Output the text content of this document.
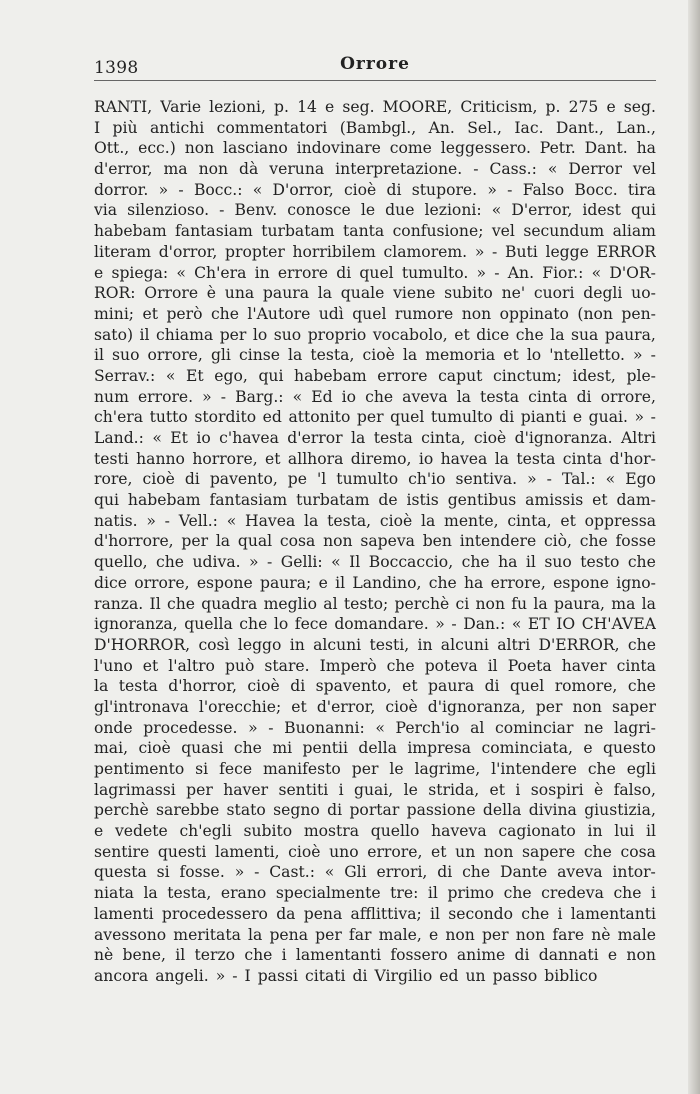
1398	Orrore
RANTI, Varie lezioni, p. 14 e seg. MOORE, Criticism, p. 275 e seg.
I più antichi commentatori (Bambgl., An. Sel., Iac. Dant., Lan.,
Ott., ecc.) non lasciano indovinare come leggessero. Petr. Dant. ha
d'error, ma non dà veruna interpretazione. - Cass.: « Derror vel
dorror. » - Bocc.: « D'orror, cioè di stupore. » - Falso Bocc. tira
via silenzioso. - Benv. conosce le due lezioni: « D'error, idest qui
habebam fantasiam turbatam tanta confusione; vel secundum aliam
literam d'orror, propter horribilem clamorem. » - Buti legge ERROR
e spiega: « Ch'era in errore di quel tumulto. » - An. Fior.: « D'OR-
ROR: Orrore è una paura la quale viene subito ne' cuori degli uo-
mini; et però che l'Autore udì quel rumore non oppinato (non pen-
sato) il chiama per lo suo proprio vocabolo, et dice che la sua paura,
il suo orrore, gli cinse la testa, cioè la memoria et lo 'ntelletto. » -
Serrav.: « Et ego, qui habebam errore caput cinctum; idest, ple-
num errore. » - Barg.: « Ed io che aveva la testa cinta di orrore,
ch'era tutto stordito ed attonito per quel tumulto di pianti e guai. » -
Land.: « Et io c'havea d'error la testa cinta, cioè d'ignoranza. Altri
testi hanno horrore, et allhora diremo, io havea la testa cinta d'hor-
rore, cioè di pavento, pe 'l tumulto ch'io sentiva. » - Tal.: « Ego
qui habebam fantasiam turbatam de istis gentibus amissis et dam-
natis. » - Vell.: « Havea la testa, cioè la mente, cinta, et oppressa
d'horrore, per la qual cosa non sapeva ben intendere ciò, che fosse
quello, che udiva. » - Gelli: « Il Boccaccio, che ha il suo testo che
dice orrore, espone paura; e il Landino, che ha errore, espone igno-
ranza. Il che quadra meglio al testo; perchè ci non fu la paura, ma la
ignoranza, quella che lo fece domandare. » - Dan.: « ET IO CH'AVEA
D'HORROR, così leggo in alcuni testi, in alcuni altri D'ERROR, che
l'uno et l'altro può stare. Imperò che poteva il Poeta haver cinta
la testa d'horror, cioè di spavento, et paura di quel romore, che
gl'intronava l'orecchie; et d'error, cioè d'ignoranza, per non saper
onde procedesse. » - Buonanni: « Perch'io al cominciar ne lagri-
mai, cioè quasi che mi pentii della impresa cominciata, e questo
pentimento si fece manifesto per le lagrime, l'intendere che egli
lagrimassi per haver sentiti i guai, le strida, et i sospiri è falso,
perchè sarebbe stato segno di portar passione della divina giustizia,
e vedete ch'egli subito mostra quello haveva cagionato in lui il
sentire questi lamenti, cioè uno errore, et un non sapere che cosa
questa si fosse. » - Cast.: « Gli errori, di che Dante aveva intor-
niata la testa, erano specialmente tre: il primo che credeva che i
lamenti procedessero da pena afflittiva; il secondo che i lamentanti
avessono meritata la pena per far male, e non per non fare nè male
nè bene, il terzo che i lamentanti fossero anime di dannati e non
ancora angeli. » - I passi citati di Virgilio ed un passo biblico
